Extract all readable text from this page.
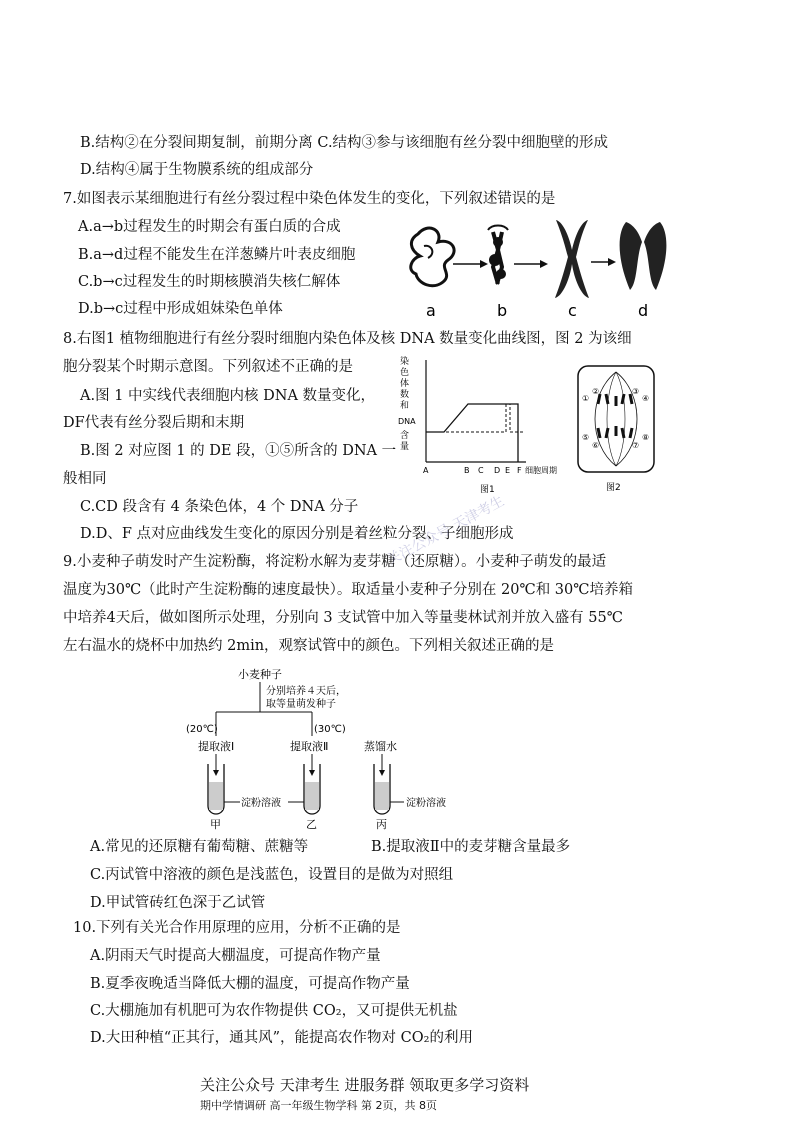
B.结构②在分裂间期复制，前期分离 C.结构③参与该细胞有丝分裂中细胞壁的形成
D.结构④属于生物膜系统的组成部分
7.如图表示某细胞进行有丝分裂过程中染色体发生的变化，下列叙述错误的是
A.a→b过程发生的时期会有蛋白质的合成
B.a→d过程不能发生在洋葱鳞片叶表皮细胞
C.b→c过程发生的时期核膜消失核仁解体
D.b→c过程中形成姐妹染色单体	a	b	c	d
8.右图1 植物细胞进行有丝分裂时细胞内染色体及核 DNA 数量变化曲线图，图 2 为该细
胞分裂某个时期示意图。下列叙述不正确的是
A.图 1 中实线代表细胞内核 DNA 数量变化，
DF代表有丝分裂后期和末期
B.图 2 对应图 1 的 DE 段，①⑤所含的 DNA 一
般相同
C.CD 段含有 4 条染色体，4 个 DNA 分子
D.D、F 点对应曲线发生变化的原因分别是着丝粒分裂、子细胞形成
染
色
体
数
和
DNA
含
量
A	B C D E F 细胞周期
图1
①
②	③
④
⑤
⑥	⑦
⑧
图2
9.小麦种子萌发时产生淀粉酶，将淀粉水解为麦芽糖（还原糖）。小麦种子萌发的最适
温度为30℃（此时产生淀粉酶的速度最快）。取适量小麦种子分别在 20℃和 30℃培养箱
中培养4天后，做如图所示处理，分别向 3 支试管中加入等量斐林试剂并放入盛有 55℃
左右温水的烧杯中加热约 2min，观察试管中的颜色。下列相关叙述正确的是
小麦种子
分别培养４天后，
取等量萌发种子
(20℃)	(30℃)
提取液Ⅰ	提取液Ⅱ	蒸馏水
淀粉溶液	淀粉溶液
甲	乙	丙
A.常见的还原糖有葡萄糖、蔗糖等	B.提取液Ⅱ中的麦芽糖含量最多
C.丙试管中溶液的颜色是浅蓝色，设置目的是做为对照组
D.甲试管砖红色深于乙试管
10.下列有关光合作用原理的应用，分析不正确的是
A.阴雨天气时提高大棚温度，可提高作物产量
B.夏季夜晚适当降低大棚的温度，可提高作物产量
C.大棚施加有机肥可为农作物提供 CO₂，又可提供无机盐
D.大田种植“正其行，通其风”，能提高农作物对 CO₂的利用
关注公众号 天津考生
关注公众号 天津考生 进服务群 领取更多学习资料
期中学情调研 高一年级生物学科 第 2页，共 8页
